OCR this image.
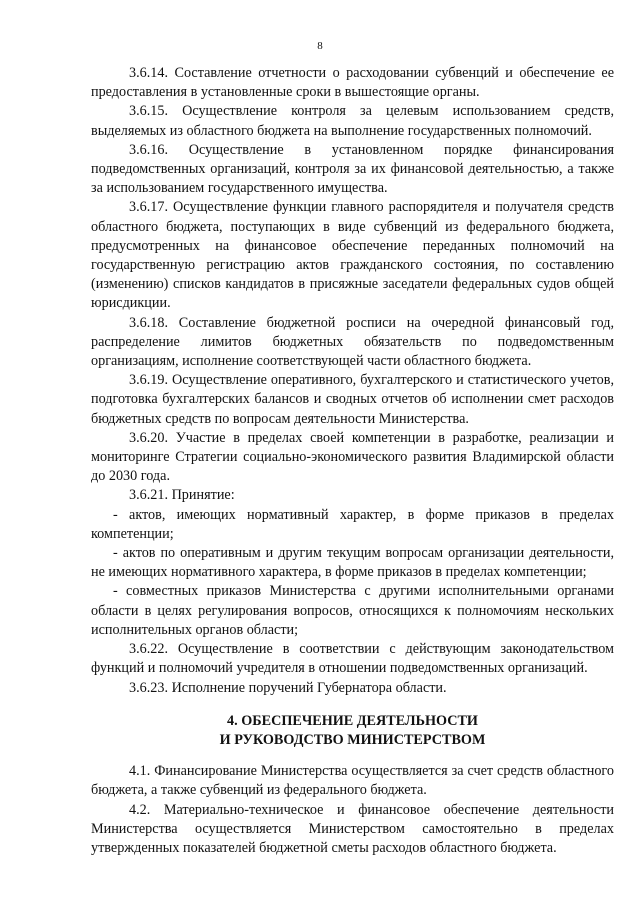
8

3.6.14. Составление отчетности о расходовании субвенций и обеспечение ее предоставления в установленные сроки в вышестоящие органы.

3.6.15. Осуществление контроля за целевым использованием средств, выделяемых из областного бюджета на выполнение государственных полномочий.

3.6.16. Осуществление в установленном порядке финансирования подведомственных организаций, контроля за их финансовой деятельностью, а также за использованием государственного имущества.

3.6.17. Осуществление функции главного распорядителя и получателя средств областного бюджета, поступающих в виде субвенций из федерального бюджета, предусмотренных на финансовое обеспечение переданных полномочий на государственную регистрацию актов гражданского состояния, по составлению (изменению) списков кандидатов в присяжные заседатели федеральных судов общей юрисдикции.

3.6.18. Составление бюджетной росписи на очередной финансовый год, распределение лимитов бюджетных обязательств по подведомственным организациям, исполнение соответствующей части областного бюджета.

3.6.19. Осуществление оперативного, бухгалтерского и статистического учетов, подготовка бухгалтерских балансов и сводных отчетов об исполнении смет расходов бюджетных средств по вопросам деятельности Министерства.

3.6.20. Участие в пределах своей компетенции в разработке, реализации и мониторинге Стратегии социально-экономического развития Владимирской области до 2030 года.

3.6.21. Принятие:

- актов, имеющих нормативный характер, в форме приказов в пределах компетенции;

- актов по оперативным и другим текущим вопросам организации деятельности, не имеющих нормативного характера, в форме приказов в пределах компетенции;

- совместных приказов Министерства с другими исполнительными органами области в целях регулирования вопросов, относящихся к полномочиям нескольких исполнительных органов области;

3.6.22. Осуществление в соответствии с действующим законодательством функций и полномочий учредителя в отношении подведомственных организаций.

3.6.23. Исполнение поручений Губернатора области.

4. ОБЕСПЕЧЕНИЕ ДЕЯТЕЛЬНОСТИ
И РУКОВОДСТВО МИНИСТЕРСТВОМ

4.1. Финансирование Министерства осуществляется за счет средств областного бюджета, а также субвенций из федерального бюджета.

4.2. Материально-техническое и финансовое обеспечение деятельности Министерства осуществляется Министерством самостоятельно в пределах утвержденных показателей бюджетной сметы расходов областного бюджета.
